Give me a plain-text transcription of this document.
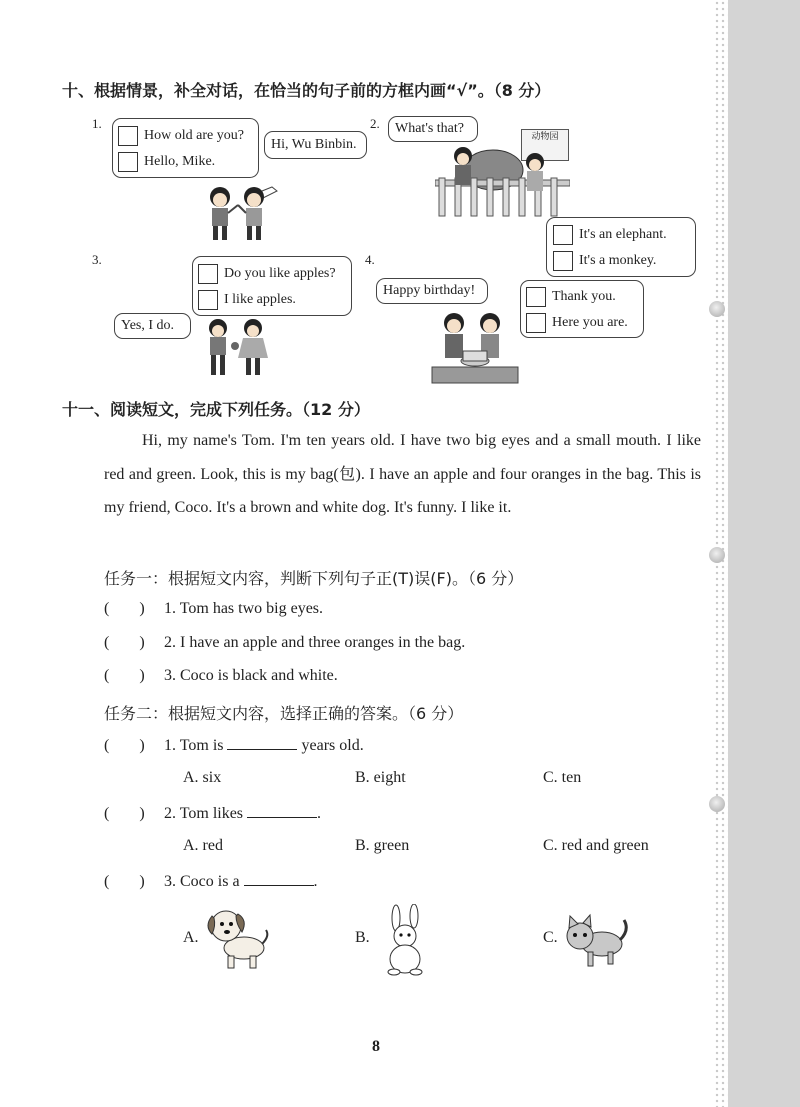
十、根据情景，补全对话，在恰当的句子前的方框内画“√”。（8 分）
1.
How old are you?
Hello, Mike.
Hi, Wu Binbin.
2.	What's that?
动物园
It's an elephant.
It's a monkey.
3.
Do you like apples?
I like apples.
Yes, I do.
4.
Happy birthday!	Thank you.
Here you are.
十一、阅读短文，完成下列任务。（12 分）
Hi, my name's Tom. I'm ten years old. I have two big eyes and a small mouth. I like red and green. Look, this is my bag(包). I have an apple and four oranges in the bag. This is my friend, Coco. It's a brown and white dog. It's funny. I like it.
任务一：根据短文内容，判断下列句子正(T)误(F)。（6 分）
( ) 1. Tom has two big eyes.
( ) 2. I have an apple and three oranges in the bag.
( ) 3. Coco is black and white.
任务二：根据短文内容，选择正确的答案。（6 分）
( ) 1. Tom is	years old.
A. six	B. eight	C. ten
( ) 2. Tom likes	.
A. red	B. green	C. red and green
( ) 3. Coco is a	.
A.	B.	C.
8
